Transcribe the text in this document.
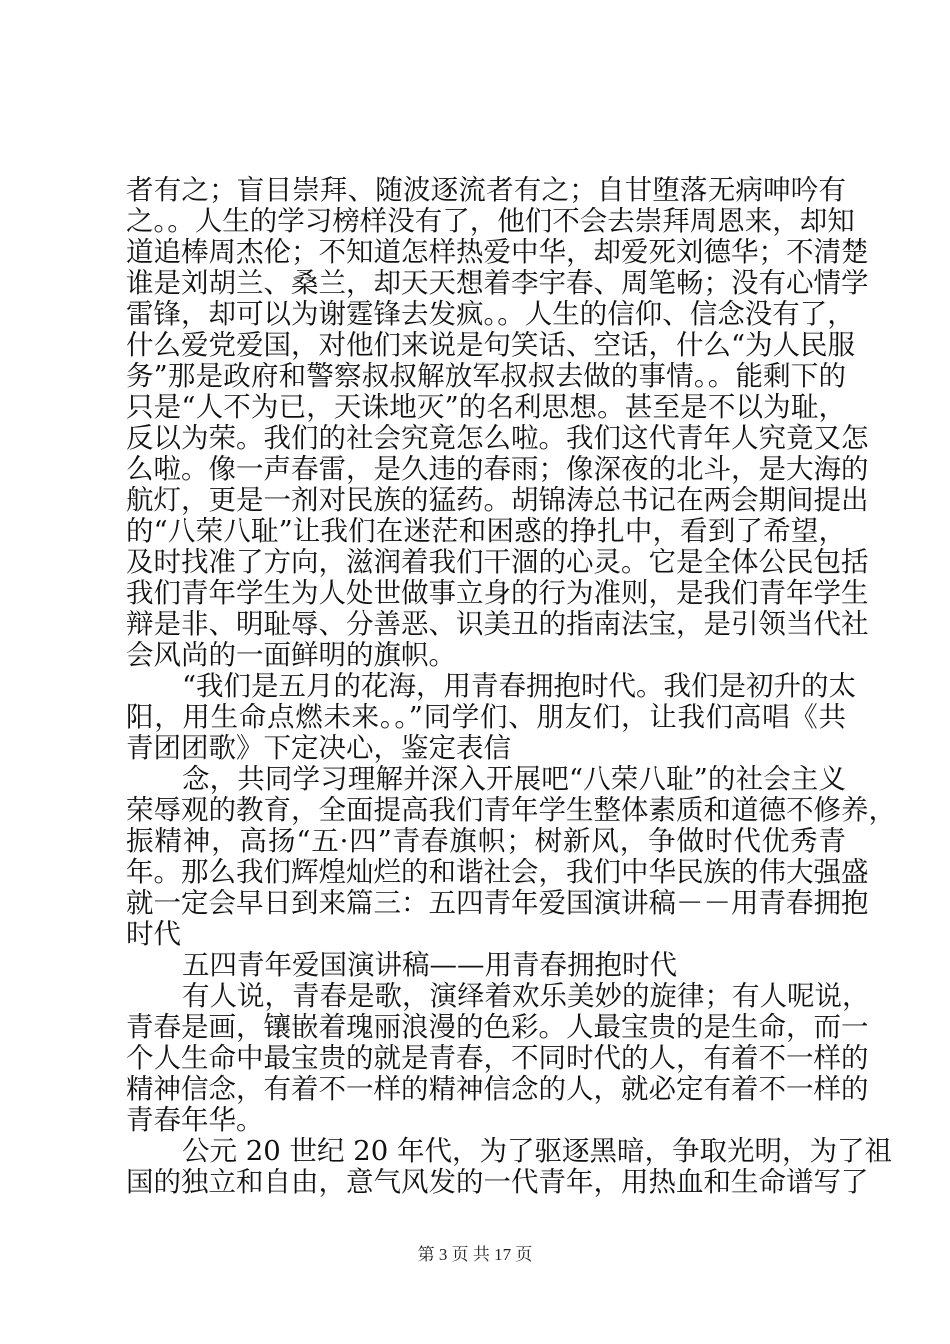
者有之；盲目崇拜、随波逐流者有之；自甘堕落无病呻吟有
之。。人生的学习榜样没有了，他们不会去崇拜周恩来，却知
道追棒周杰伦；不知道怎样热爱中华，却爱死刘德华；不清楚
谁是刘胡兰、桑兰，却天天想着李宇春、周笔畅；没有心情学
雷锋，却可以为谢霆锋去发疯。。人生的信仰、信念没有了，
什么爱党爱国，对他们来说是句笑话、空话，什么“为人民服
务”那是政府和警察叔叔解放军叔叔去做的事情。。能剩下的
只是“人不为已，天诛地灭”的名利思想。甚至是不以为耻，
反以为荣。我们的社会究竟怎么啦。我们这代青年人究竟又怎
么啦。像一声春雷，是久违的春雨；像深夜的北斗，是大海的
航灯，更是一剂对民族的猛药。胡锦涛总书记在两会期间提出
的“八荣八耻”让我们在迷茫和困惑的挣扎中，看到了希望，
及时找准了方向，滋润着我们干涸的心灵。它是全体公民包括
我们青年学生为人处世做事立身的行为准则，是我们青年学生
辩是非、明耻辱、分善恶、识美丑的指南法宝，是引领当代社
会风尚的一面鲜明的旗帜。
“我们是五月的花海，用青春拥抱时代。我们是初升的太
阳，用生命点燃未来。。”同学们、朋友们，让我们高唱《共
青团团歌》下定决心，鉴定表信
念，共同学习理解并深入开展吧“八荣八耻”的社会主义
荣辱观的教育，全面提高我们青年学生整体素质和道德不修养，
振精神，高扬“五·四”青春旗帜；树新风，争做时代优秀青
年。那么我们辉煌灿烂的和谐社会，我们中华民族的伟大强盛
就一定会早日到来篇三：五四青年爱国演讲稿－－用青春拥抱
时代
五四青年爱国演讲稿——用青春拥抱时代
有人说，青春是歌，演绎着欢乐美妙的旋律；有人呢说，
青春是画，镶嵌着瑰丽浪漫的色彩。人最宝贵的是生命，而一
个人生命中最宝贵的就是青春，不同时代的人，有着不一样的
精神信念，有着不一样的精神信念的人，就必定有着不一样的
青春年华。
公元 20 世纪 20 年代，为了驱逐黑暗，争取光明，为了祖
国的独立和自由，意气风发的一代青年，用热血和生命谱写了
第 3 页 共 17 页
